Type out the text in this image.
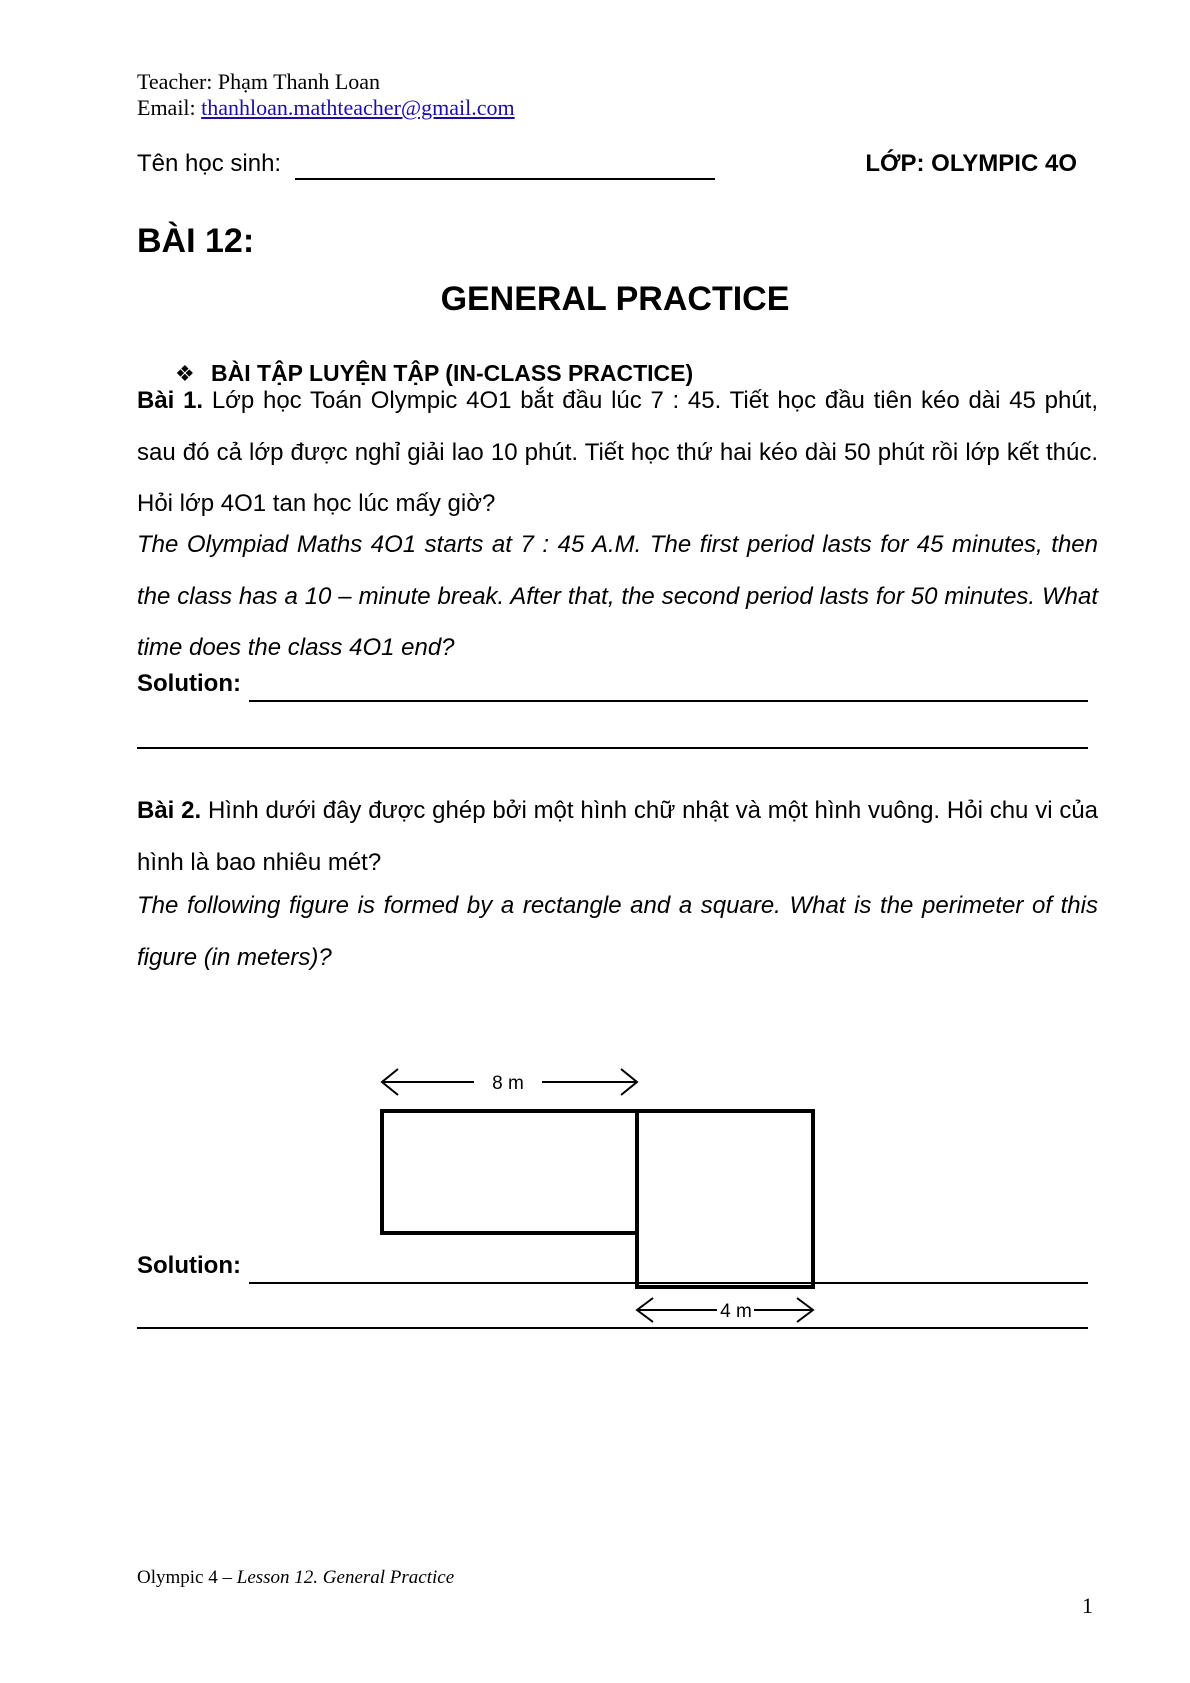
Teacher: Phạm Thanh Loan
Email: thanhloan.mathteacher@gmail.com
Tên học sinh:	LỚP: OLYMPIC 4O
BÀI 12:
GENERAL PRACTICE
❖ BÀI TẬP LUYỆN TẬP (IN-CLASS PRACTICE)

Bài 1. Lớp học Toán Olympic 4O1 bắt đầu lúc 7 : 45. Tiết học đầu tiên kéo dài 45 phút, sau đó cả lớp được nghỉ giải lao 10 phút. Tiết học thứ hai kéo dài 50 phút rồi lớp kết thúc. Hỏi lớp 4O1 tan học lúc mấy giờ?

The Olympiad Maths 4O1 starts at 7 : 45 A.M. The first period lasts for 45 minutes, then the class has a 10 – minute break. After that, the second period lasts for 50 minutes. What time does the class 4O1 end?

Solution:

Bài 2. Hình dưới đây được ghép bởi một hình chữ nhật và một hình vuông. Hỏi chu vi của hình là bao nhiêu mét?

The following figure is formed by a rectangle and a square. What is the perimeter of this figure (in meters)?

8 m
4 m
Solution:
Olympic 4 – Lesson 12. General Practice
1
